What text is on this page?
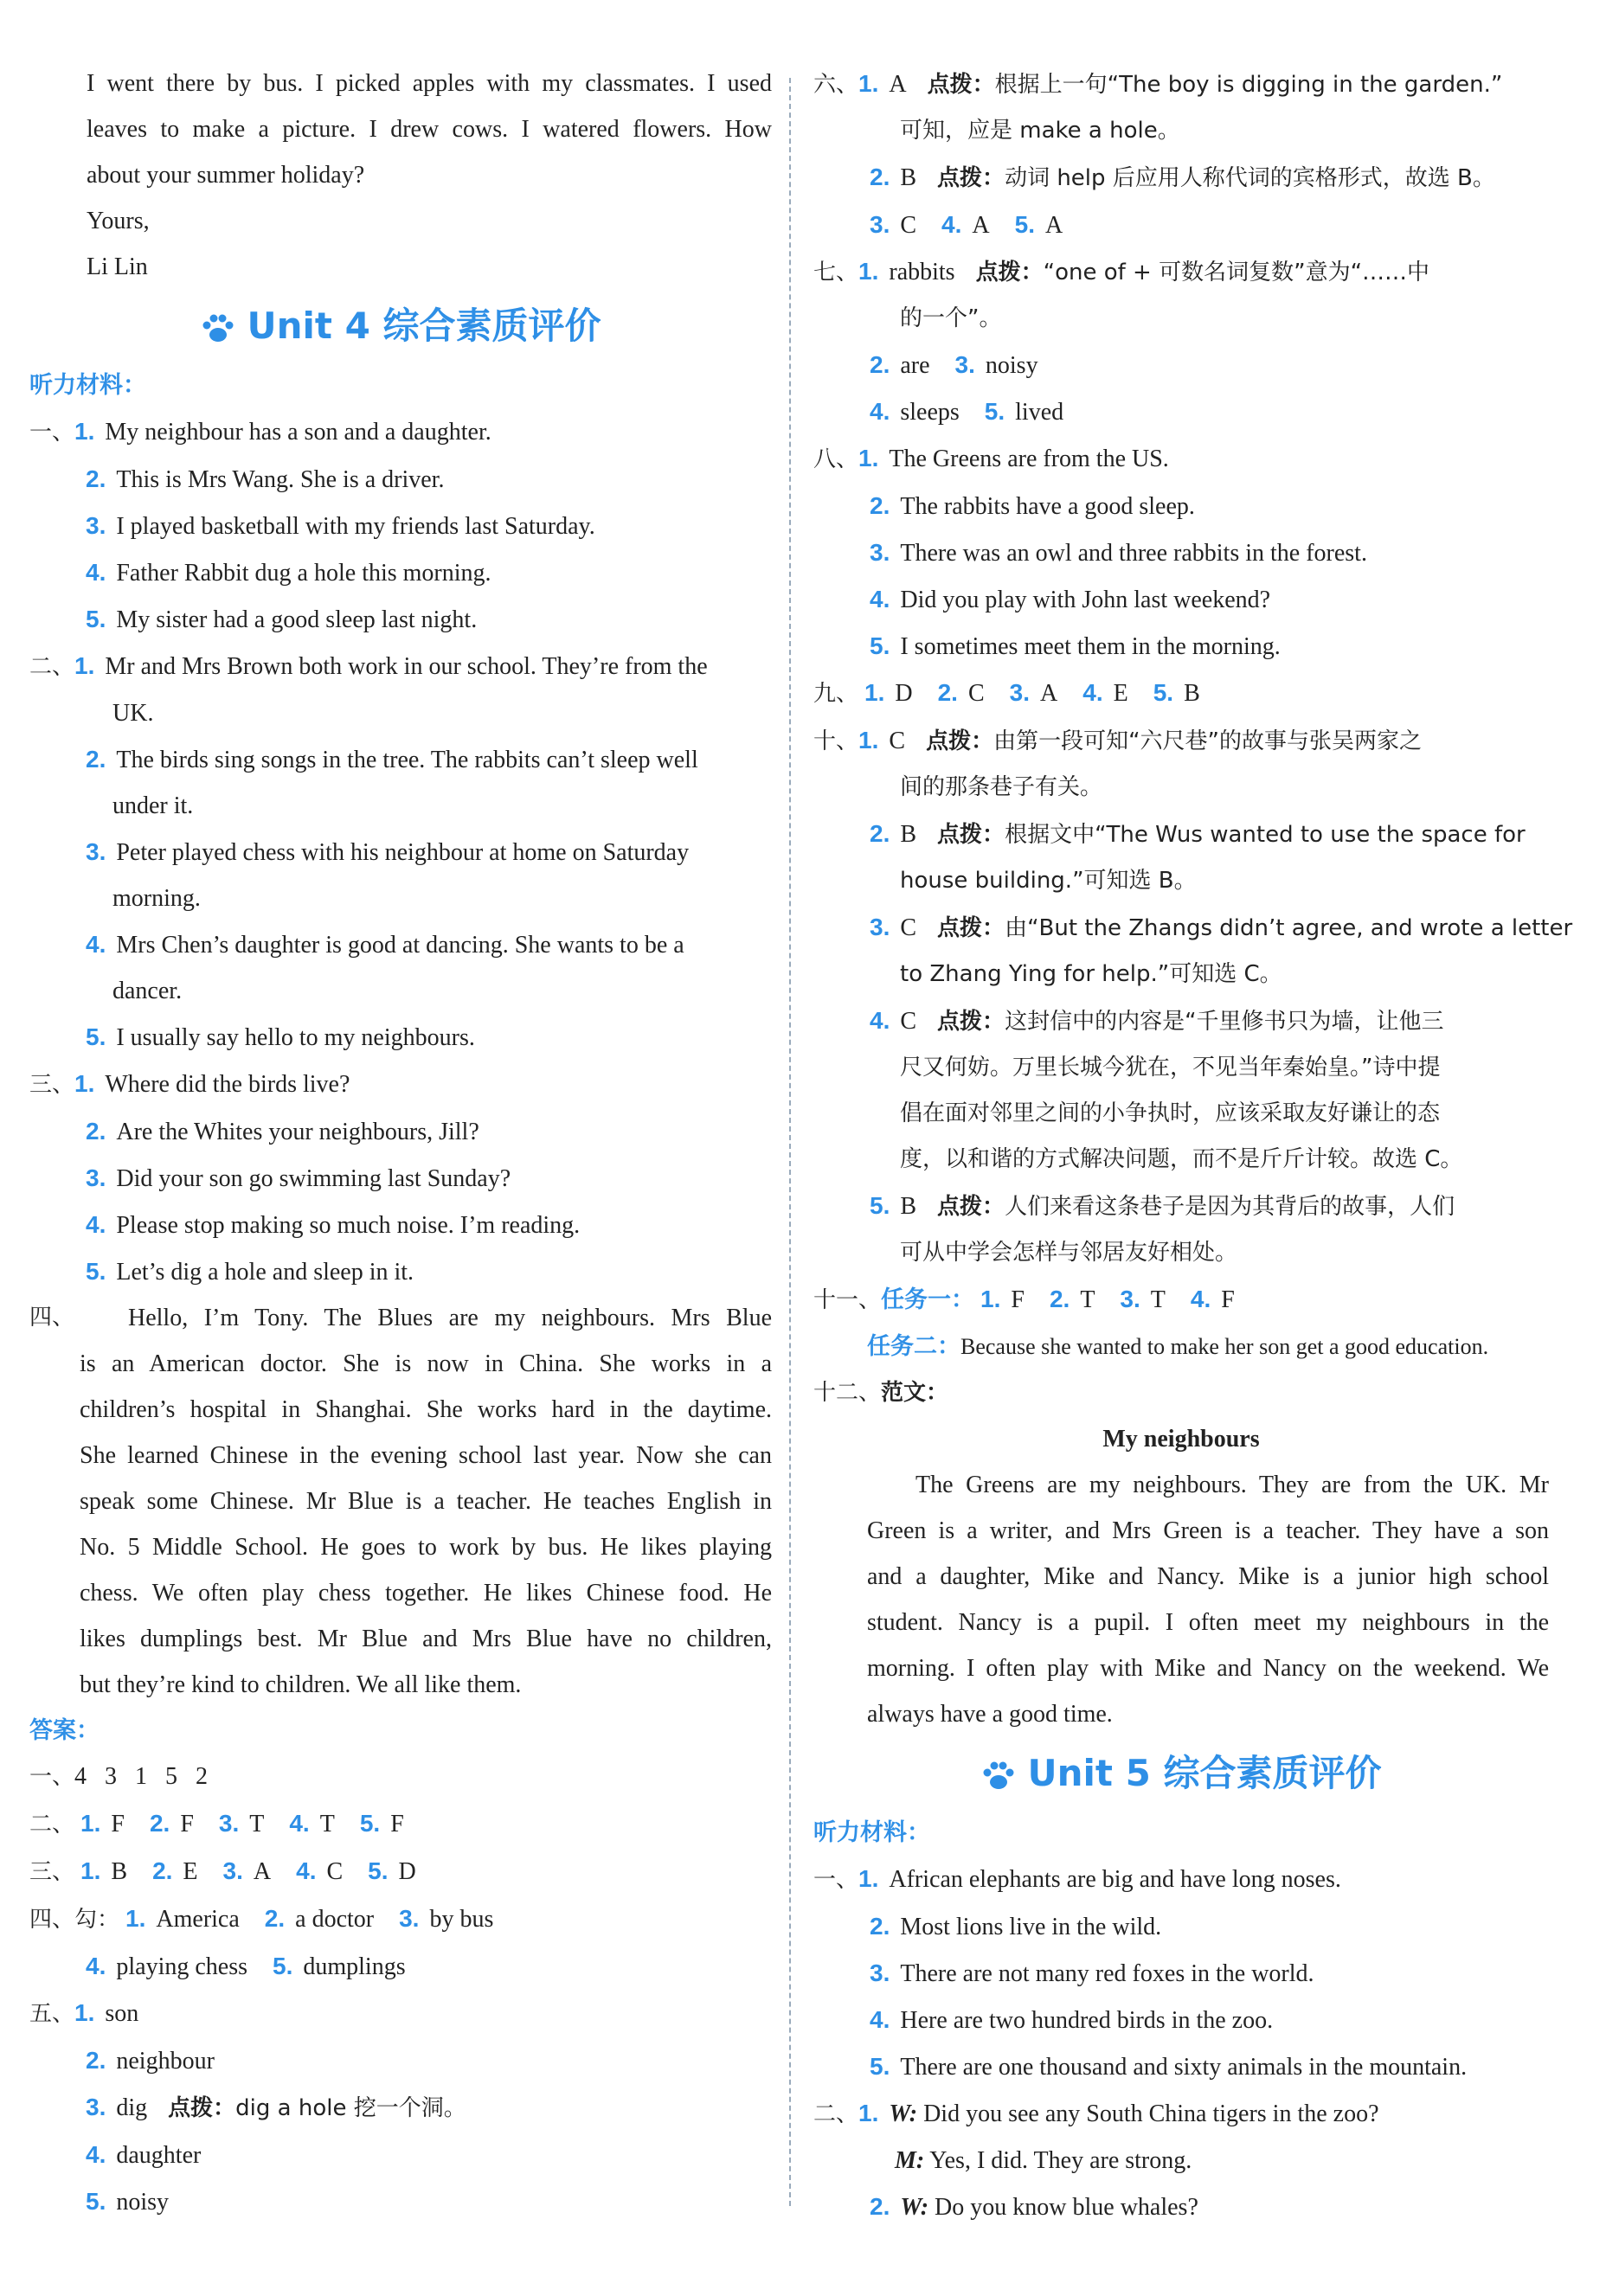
I went there by bus. I picked apples with my classmates. I used
leaves to make a picture. I drew cows. I watered flowers. How
about your summer holiday?
Yours,
Li Lin
Unit 4 综合素质评价
听力材料：
一、1. My neighbour has a son and a daughter.
2. This is Mrs Wang. She is a driver.
3. I played basketball with my friends last Saturday.
4. Father Rabbit dug a hole this morning.
5. My sister had a good sleep last night.
二、1. Mr and Mrs Brown both work in our school. They’re from the
UK.
2. The birds sing songs in the tree. The rabbits can’t sleep well
under it.
3. Peter played chess with his neighbour at home on Saturday
morning.
4. Mrs Chen’s daughter is good at dancing. She wants to be a
dancer.
5. I usually say hello to my neighbours.
三、1. Where did the birds live?
2. Are the Whites your neighbours, Jill?
3. Did your son go swimming last Sunday?
4. Please stop making so much noise. I’m reading.
5. Let’s dig a hole and sleep in it.
四、 Hello, I’m Tony. The Blues are my neighbours. Mrs Blue
is an American doctor. She is now in China. She works in a
children’s hospital in Shanghai. She works hard in the daytime.
She learned Chinese in the evening school last year. Now she can
speak some Chinese. Mr Blue is a teacher. He teaches English in
No. 5 Middle School. He goes to work by bus. He likes playing
chess. We often play chess together. He likes Chinese food. He
likes dumplings best. Mr Blue and Mrs Blue have no children,
but they’re kind to children. We all like them.
答案：
一、4   3   1   5   2
二、 1. F 2. F 3. T 4. T 5. F
三、 1. B 2. E 3. A 4. C 5. D
四、勾： 1. America 2. a doctor 3. by bus
4. playing chess 5. dumplings
五、1. son
2. neighbour
3. dig 点拨：dig a hole 挖一个洞。
4. daughter
5. noisy
六、1. A 点拨：根据上一句“The boy is digging in the garden.”
可知，应是 make a hole。
2. B 点拨：动词 help 后应用人称代词的宾格形式，故选 B。
3. C 4. A 5. A
七、1. rabbits 点拨：“one of + 可数名词复数”意为“……中
的一个”。
2. are 3. noisy
4. sleeps 5. lived
八、1. The Greens are from the US.
2. The rabbits have a good sleep.
3. There was an owl and three rabbits in the forest.
4. Did you play with John last weekend?
5. I sometimes meet them in the morning.
九、 1. D 2. C 3. A 4. E 5. B
十、1. C 点拨：由第一段可知“六尺巷”的故事与张吴两家之
间的那条巷子有关。
2. B 点拨：根据文中“The Wus wanted to use the space for
house building.”可知选 B。
3. C 点拨：由“But the Zhangs didn’t agree, and wrote a letter
to Zhang Ying for help.”可知选 C。
4. C 点拨：这封信中的内容是“千里修书只为墙，让他三
尺又何妨。万里长城今犹在，不见当年秦始皇。”诗中提
倡在面对邻里之间的小争执时，应该采取友好谦让的态
度，以和谐的方式解决问题，而不是斤斤计较。故选 C。
5. B 点拨：人们来看这条巷子是因为其背后的故事，人们
可从中学会怎样与邻居友好相处。
十一、任务一： 1. F 2. T 3. T 4. F
任务二：Because she wanted to make her son get a good education.
十二、范文：
My neighbours
The Greens are my neighbours. They are from the UK. Mr
Green is a writer, and Mrs Green is a teacher. They have a son
and a daughter, Mike and Nancy. Mike is a junior high school
student. Nancy is a pupil. I often meet my neighbours in the
morning. I often play with Mike and Nancy on the weekend. We
always have a good time.
Unit 5 综合素质评价
听力材料：
一、1. African elephants are big and have long noses.
2. Most lions live in the wild.
3. There are not many red foxes in the world.
4. Here are two hundred birds in the zoo.
5. There are one thousand and sixty animals in the mountain.
二、1. W: Did you see any South China tigers in the zoo?
M: Yes, I did. They are strong.
2. W: Do you know blue whales?
